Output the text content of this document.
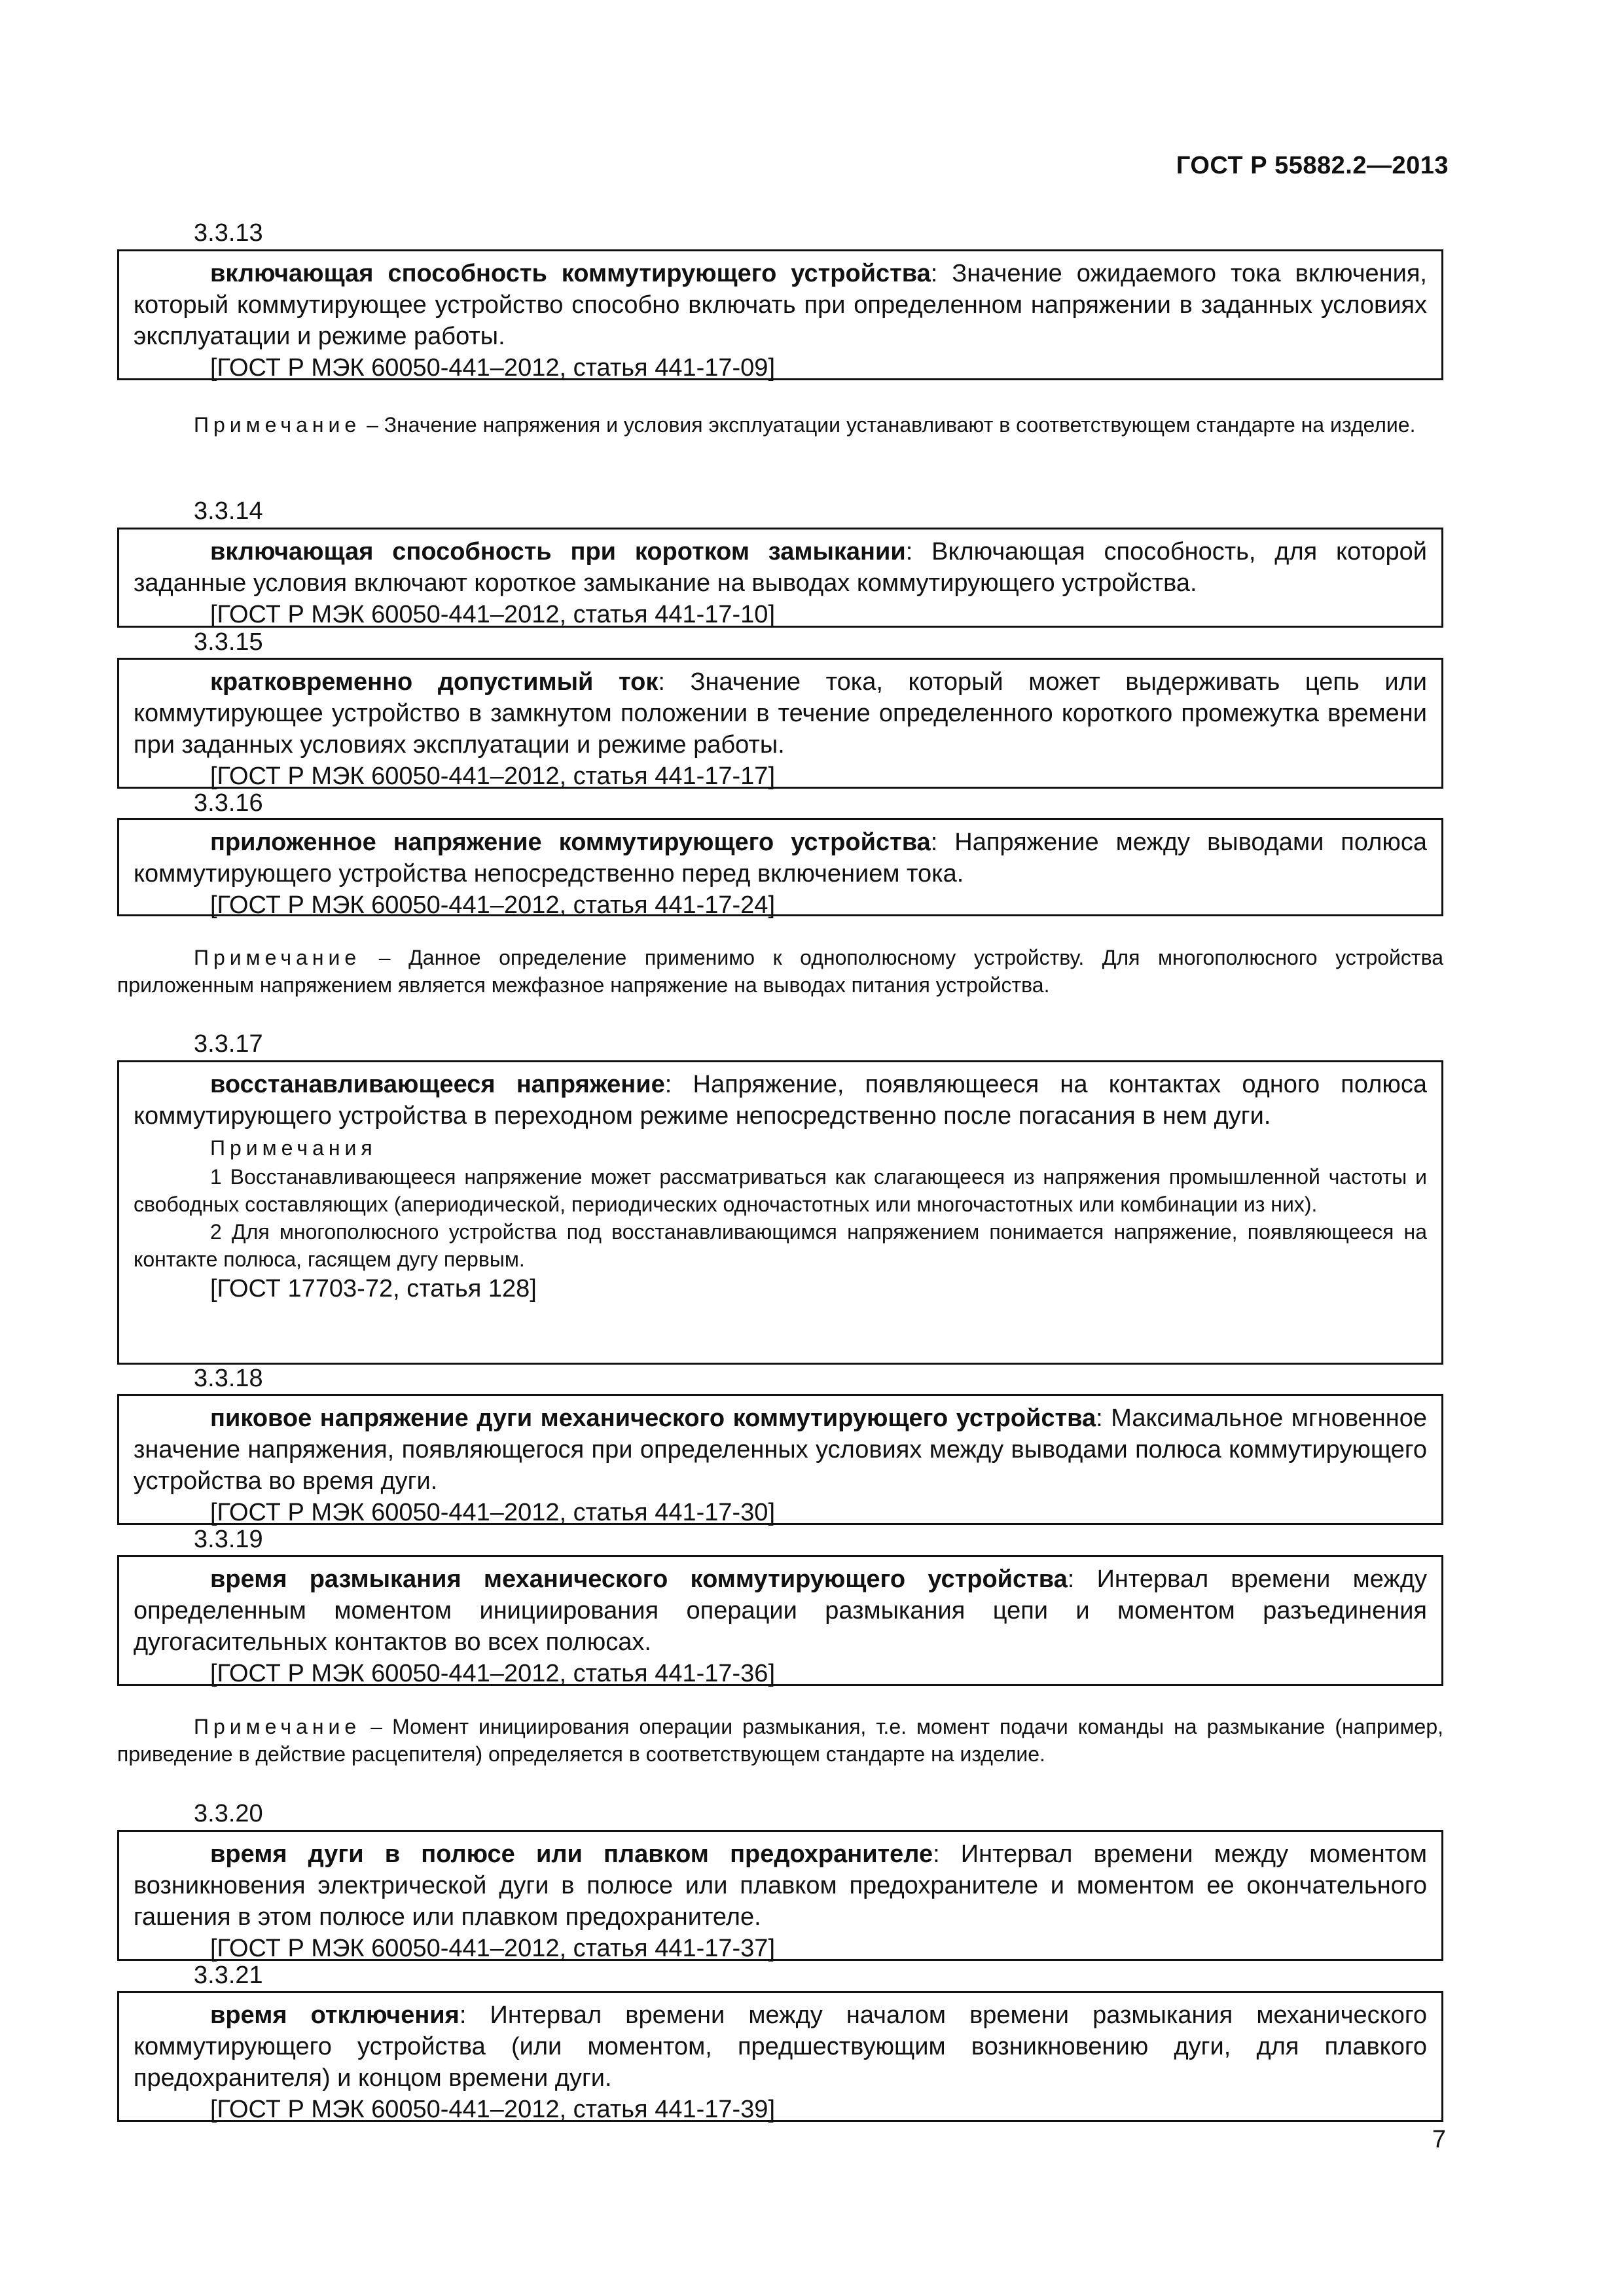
ГОСТ Р 55882.2—2013
3.3.13

включающая способность коммутирующего устройства: Значение ожидаемого тока включения, который коммутирующее устройство способно включать при определенном напряжении в заданных условиях эксплуатации и режиме работы.

[ГОСТ Р МЭК 60050-441–2012, статья 441-17-09]

Примечание – Значение напряжения и условия эксплуатации устанавливают в соответствующем стандарте на изделие.

3.3.14

включающая способность при коротком замыкании: Включающая способность, для которой заданные условия включают короткое замыкание на выводах коммутирующего устройства.

[ГОСТ Р МЭК 60050-441–2012, статья 441-17-10]

3.3.15

кратковременно допустимый ток: Значение тока, который может выдерживать цепь или коммутирующее устройство в замкнутом положении в течение определенного короткого промежутка времени при заданных условиях эксплуатации и режиме работы.

[ГОСТ Р МЭК 60050-441–2012, статья 441-17-17]

3.3.16

приложенное напряжение коммутирующего устройства: Напряжение между выводами полюса коммутирующего устройства непосредственно перед включением тока.

[ГОСТ Р МЭК 60050-441–2012, статья 441-17-24]

Примечание – Данное определение применимо к однополюсному устройству. Для многополюсного устройства приложенным напряжением является межфазное напряжение на выводах питания устройства.

3.3.17

восстанавливающееся напряжение: Напряжение, появляющееся на контактах одного полюса коммутирующего устройства в переходном режиме непосредственно после погасания в нем дуги.

Примечания

1 Восстанавливающееся напряжение может рассматриваться как слагающееся из напряжения промышленной частоты и свободных составляющих (апериодической, периодических одночастотных или многочастотных или комбинации из них).

2 Для многополюсного устройства под восстанавливающимся напряжением понимается напряжение, появляющееся на контакте полюса, гасящем дугу первым.

[ГОСТ 17703-72, статья 128]

3.3.18

пиковое напряжение дуги механического коммутирующего устройства: Максимальное мгновенное значение напряжения, появляющегося при определенных условиях между выводами полюса коммутирующего устройства во время дуги.

[ГОСТ Р МЭК 60050-441–2012, статья 441-17-30]

3.3.19

время размыкания механического коммутирующего устройства: Интервал времени между определенным моментом инициирования операции размыкания цепи и моментом разъединения дугогасительных контактов во всех полюсах.

[ГОСТ Р МЭК 60050-441–2012, статья 441-17-36]

Примечание – Момент инициирования операции размыкания, т.е. момент подачи команды на размыкание (например, приведение в действие расцепителя) определяется в соответствующем стандарте на изделие.

3.3.20

время дуги в полюсе или плавком предохранителе: Интервал времени между моментом возникновения электрической дуги в полюсе или плавком предохранителе и моментом ее окончательного гашения в этом полюсе или плавком предохранителе.

[ГОСТ Р МЭК 60050-441–2012, статья 441-17-37]

3.3.21

время отключения: Интервал времени между началом времени размыкания механического коммутирующего устройства (или моментом, предшествующим возникновению дуги, для плавкого предохранителя) и концом времени дуги.

[ГОСТ Р МЭК 60050-441–2012, статья 441-17-39]

7
